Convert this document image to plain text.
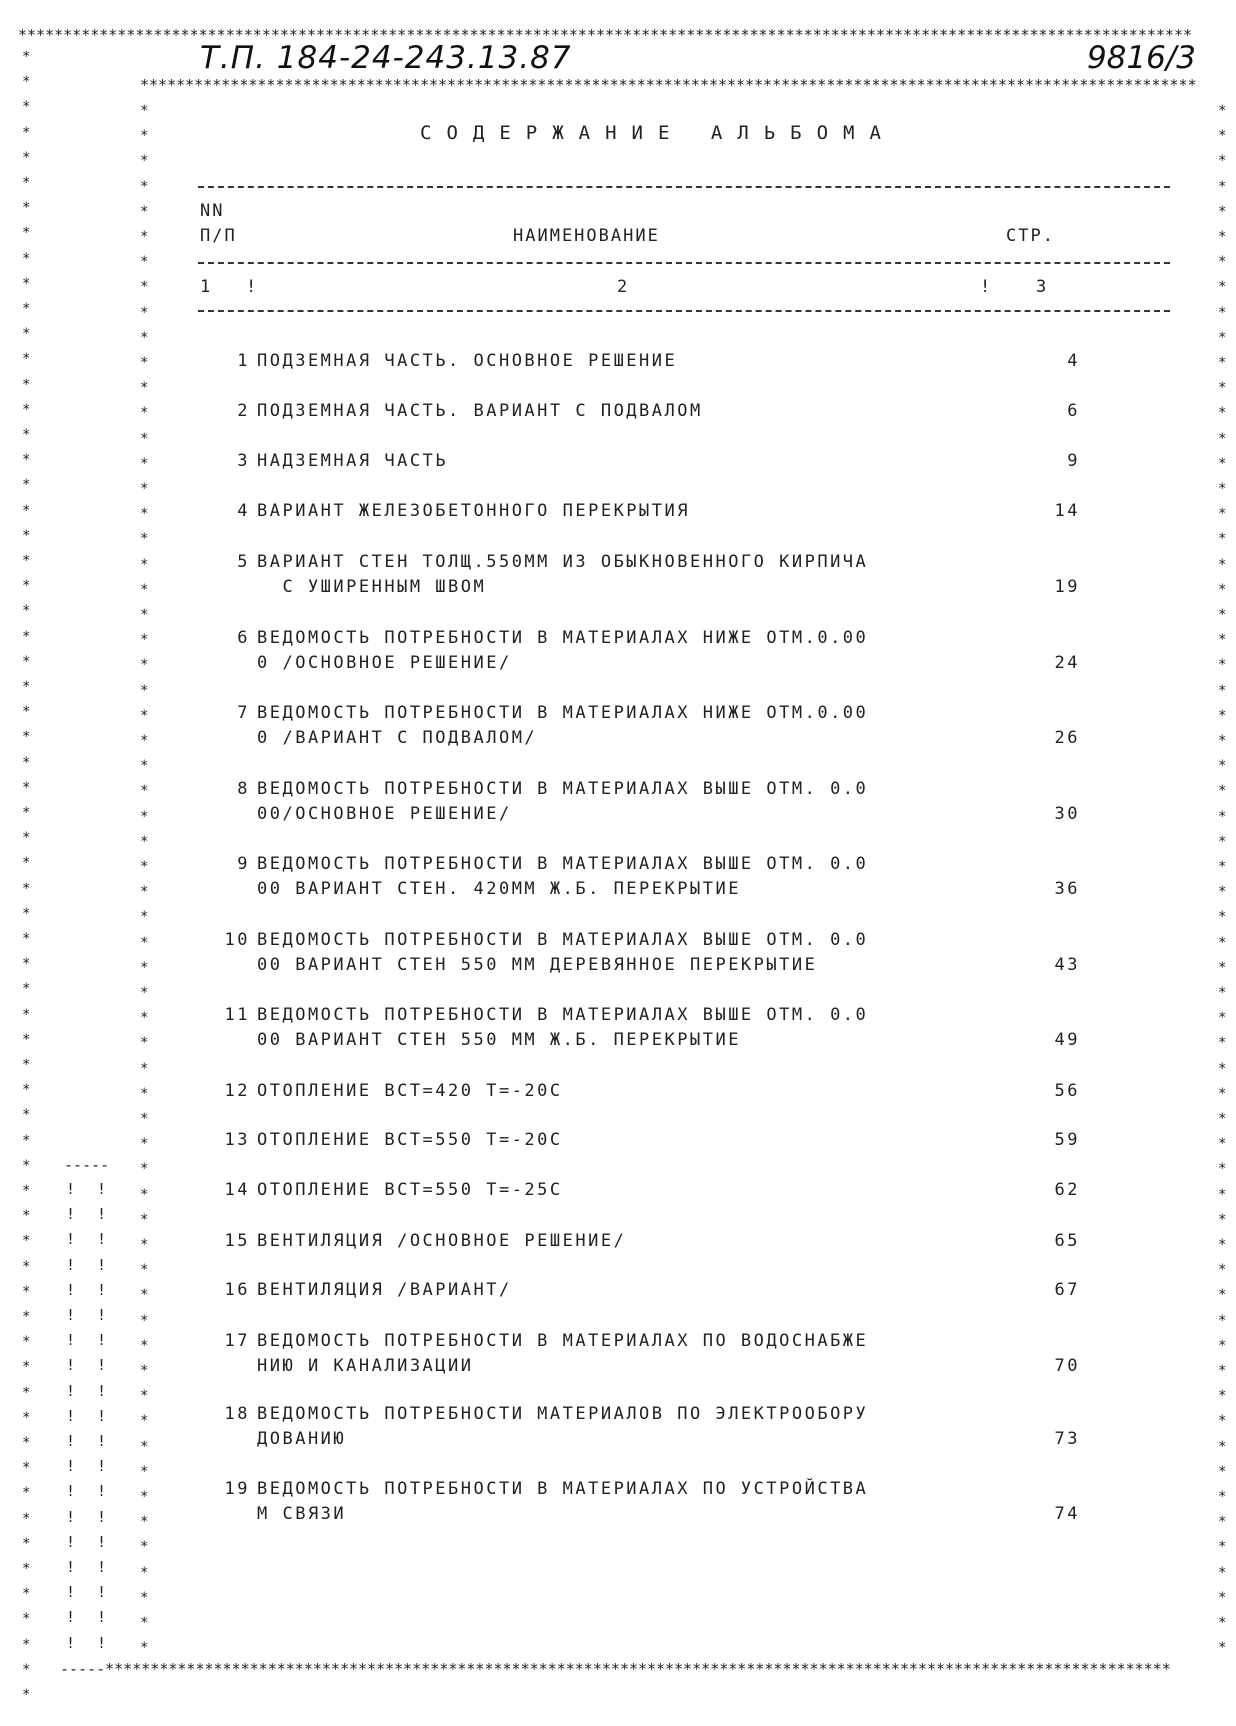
**********************************************************************************************************************************
*********************************************************************************************************************
-----**********************************************************************************************************************
*
*
*
*
*
*
*
*
*
*
*
*
*
*
*
*
*
*
*
*
*
*
*
*
*
*
*
*
*
*
*
*
*
*
*
*
*
*
*
*
*
*
*
*
*
*
*
*
*
*
*
*
*
*
*
*
*
*
*
*
*
*
*
*
*
*
*
*
*
*
*
*
*
*
*
*
*
*
*
*
*
*
*
*
*
*
*
*
*
*
*
*
*
*
*
*
*
*
*
*
*
*
*
*
*
*
*
*
*
*
*
*
*
*
*
*
*
*
*
*
*
*
*
*
*
*
*
*
*
*
*
*
*
*
*
*
*
*
*
*
*
*
*
*
*
*
*
*
*
*
*
*
*
*
*
*
*
*
*
*
*
*
*
*
*
*
*
*
*
*
*
*
*
*
*
*
*
*
*
*
*
*
*
*
*
*
*
*
*
*
-----
! !
! !
! !
! !
! !
! !
! !
! !
! !
! !
! !
! !
! !
! !
! !
! !
! !
! !
! !
Т.П. 184-24-243.13.87	9816/3
СОДЕРЖАНИЕ АЛЬБОМА
NN
П/П	НАИМЕНОВАНИЕ	СТР.
1 !	2	!	3
1 ПОДЗЕМНАЯ ЧАСТЬ. ОСНОВНОЕ РЕШЕНИЕ	4
2 ПОДЗЕМНАЯ ЧАСТЬ. ВАРИАНТ С ПОДВАЛОМ	6
3 НАДЗЕМНАЯ ЧАСТЬ	9
4 ВАРИАНТ ЖЕЛЕЗОБЕТОННОГО ПЕРЕКРЫТИЯ	14
5 ВАРИАНТ СТЕН ТОЛЩ.550ММ ИЗ ОБЫКНОВЕННОГО КИРПИЧА
С УШИРЕННЫМ ШВОМ	19
6 ВЕДОМОСТЬ ПОТРЕБНОСТИ В МАТЕРИАЛАХ НИЖЕ ОТМ.0.00
0 /ОСНОВНОЕ РЕШЕНИЕ/	24
7 ВЕДОМОСТЬ ПОТРЕБНОСТИ В МАТЕРИАЛАХ НИЖЕ ОТМ.0.00
0 /ВАРИАНТ С ПОДВАЛОМ/	26
8 ВЕДОМОСТЬ ПОТРЕБНОСТИ В МАТЕРИАЛАХ ВЫШЕ ОТМ. 0.0
00/ОСНОВНОЕ РЕШЕНИЕ/	30
9 ВЕДОМОСТЬ ПОТРЕБНОСТИ В МАТЕРИАЛАХ ВЫШЕ ОТМ. 0.0
00 ВАРИАНТ СТЕН. 420ММ Ж.Б. ПЕРЕКРЫТИЕ	36
10 ВЕДОМОСТЬ ПОТРЕБНОСТИ В МАТЕРИАЛАХ ВЫШЕ ОТМ. 0.0
00 ВАРИАНТ СТЕН 550 ММ ДЕРЕВЯННОЕ ПЕРЕКРЫТИЕ	43
11 ВЕДОМОСТЬ ПОТРЕБНОСТИ В МАТЕРИАЛАХ ВЫШЕ ОТМ. 0.0
00 ВАРИАНТ СТЕН 550 ММ Ж.Б. ПЕРЕКРЫТИЕ	49
12 ОТОПЛЕНИЕ ВСТ=420 Т=-20С	56
13 ОТОПЛЕНИЕ ВСТ=550 Т=-20С	59
14 ОТОПЛЕНИЕ ВСТ=550 Т=-25С	62
15 ВЕНТИЛЯЦИЯ /ОСНОВНОЕ РЕШЕНИЕ/	65
16 ВЕНТИЛЯЦИЯ /ВАРИАНТ/	67
17 ВЕДОМОСТЬ ПОТРЕБНОСТИ В МАТЕРИАЛАХ ПО ВОДОСНАБЖЕ
НИЮ И КАНАЛИЗАЦИИ	70
18 ВЕДОМОСТЬ ПОТРЕБНОСТИ МАТЕРИАЛОВ ПО ЭЛЕКТРООБОРУ
ДОВАНИЮ	73
19 ВЕДОМОСТЬ ПОТРЕБНОСТИ В МАТЕРИАЛАХ ПО УСТРОЙСТВА
М СВЯЗИ	74
